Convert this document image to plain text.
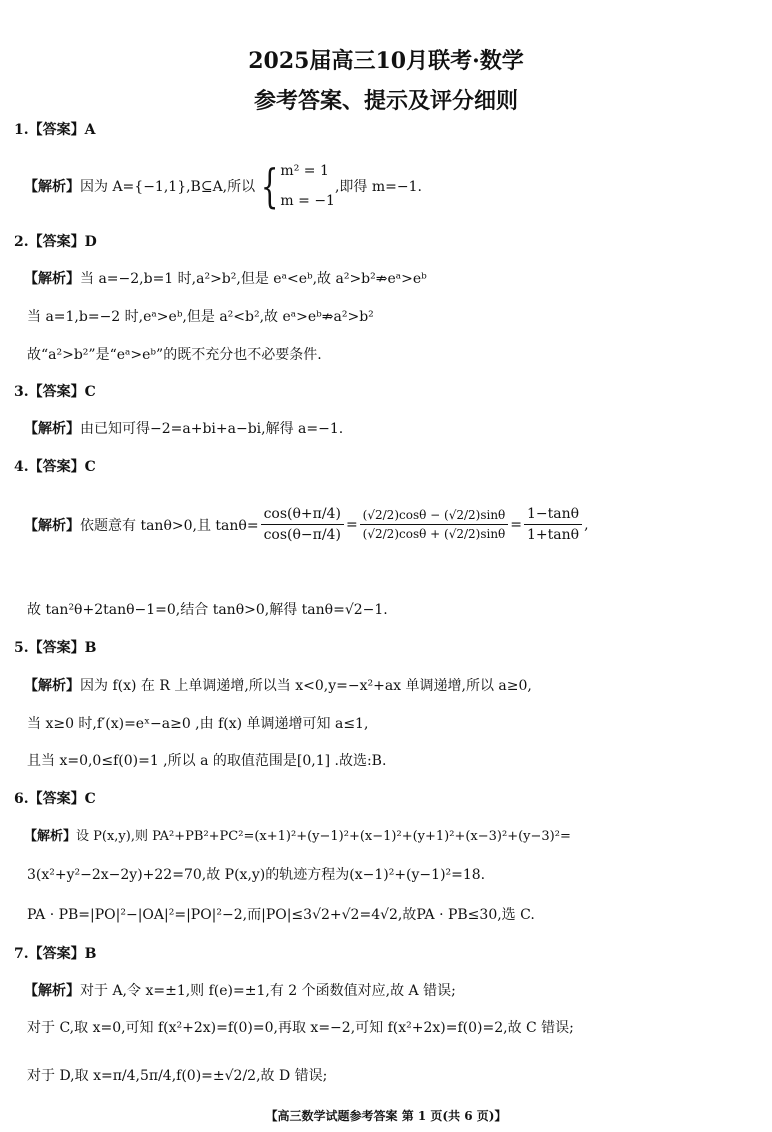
2025届高三10月联考·数学
参考答案、提示及评分细则
1.【答案】A
【解析】 因为 A={−1,1},B⊆A,所以 { m² = 1
m = −1
,即得 m=−1.
2.【答案】D
【解析】当 a=−2,b=1 时,a²>b²,但是 eᵃ<eᵇ,故 a²>b²⇏eᵃ>eᵇ
当 a=1,b=−2 时,eᵃ>eᵇ,但是 a²<b²,故 eᵃ>eᵇ⇏a²>b²
故“a²>b²”是“eᵃ>eᵇ”的既不充分也不必要条件.
3.【答案】C
【解析】由已知可得−2=a+bi+a−bi,解得 a=−1.
4.【答案】C
【解析】 依题意有 tanθ>0,且 $\tan\theta= \frac{\cos(\theta+\pi/4)}{\cos(\theta-\pi/4)} = \frac{(√2/2)\cos\theta - (√2/2)\sin\theta}{(√2/2)\cos\theta + (√2/2)\sin\theta} = \frac{1-\tan\theta}{1+\tan\theta}$ ,
故 tan²θ+2tanθ−1=0,结合 tanθ>0,解得 tanθ=√2−1.
5.【答案】B
【解析】因为 f(x) 在 R 上单调递增,所以当 x<0,y=−x²+ax 单调递增,所以 a≥0,
当 x≥0 时,f′(x)=eˣ−a≥0 ,由 f(x) 单调递增可知 a≤1,
且当 x=0,0≤f(0)=1 ,所以 a 的取值范围是[0,1] .故选:B.
6.【答案】C
【解析】设 P(x,y),则 PA²+PB²+PC²=(x+1)²+(y−1)²+(x−1)²+(y+1)²+(x−3)²+(y−3)²=
3(x²+y²−2x−2y)+22=70,故 P(x,y)的轨迹方程为(x−1)²+(y−1)²=18.
PA · PB=|PO|²−|OA|²=|PO|²−2,而|PO|≤3√2+√2=4√2,故PA · PB≤30,选 C.
7.【答案】B
【解析】对于 A,令 x=±1,则 f(e)=±1,有 2 个函数值对应,故 A 错误;
对于 C,取 x=0,可知 f(x²+2x)=f(0)=0,再取 x=−2,可知 f(x²+2x)=f(0)=2,故 C 错误;
对于 D,取 x=π/4,5π/4,f(0)=±√2/2,故 D 错误;
【高三数学试题参考答案 第 1 页(共 6 页)】
